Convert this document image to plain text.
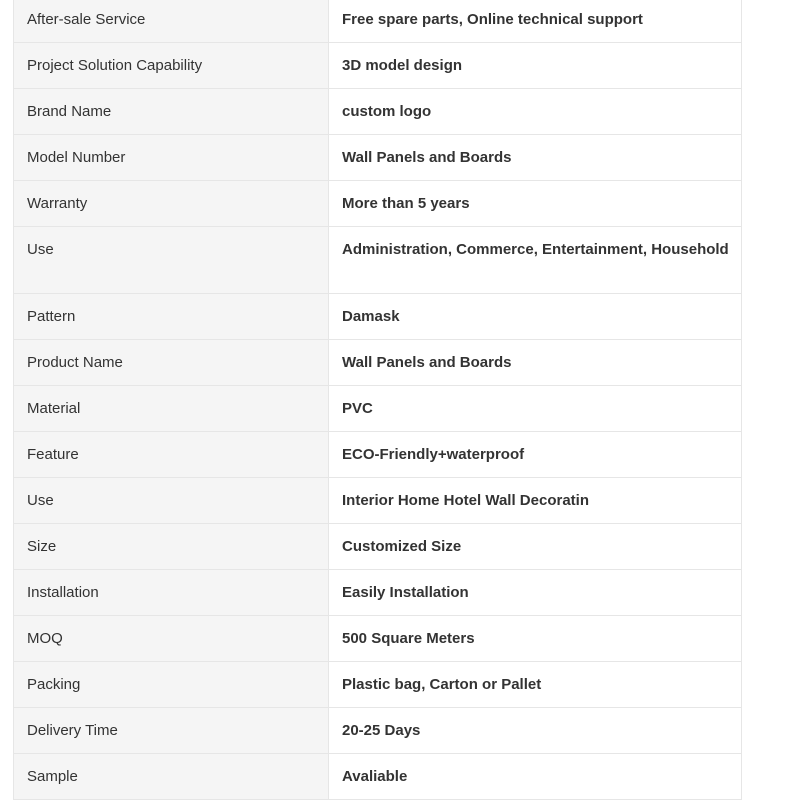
After-sale Service	Free spare parts, Online technical support
Project Solution Capability	3D model design
Brand Name	custom logo
Model Number	Wall Panels and Boards
Warranty	More than 5 years
Use	Administration, Commerce, Entertainment, Household
Pattern	Damask
Product Name	Wall Panels and Boards
Material	PVC
Feature	ECO-Friendly+waterproof
Use	Interior Home Hotel Wall Decoratin
Size	Customized Size
Installation	Easily Installation
MOQ	500 Square Meters
Packing	Plastic bag, Carton or Pallet
Delivery Time	20-25 Days
Sample	Avaliable
